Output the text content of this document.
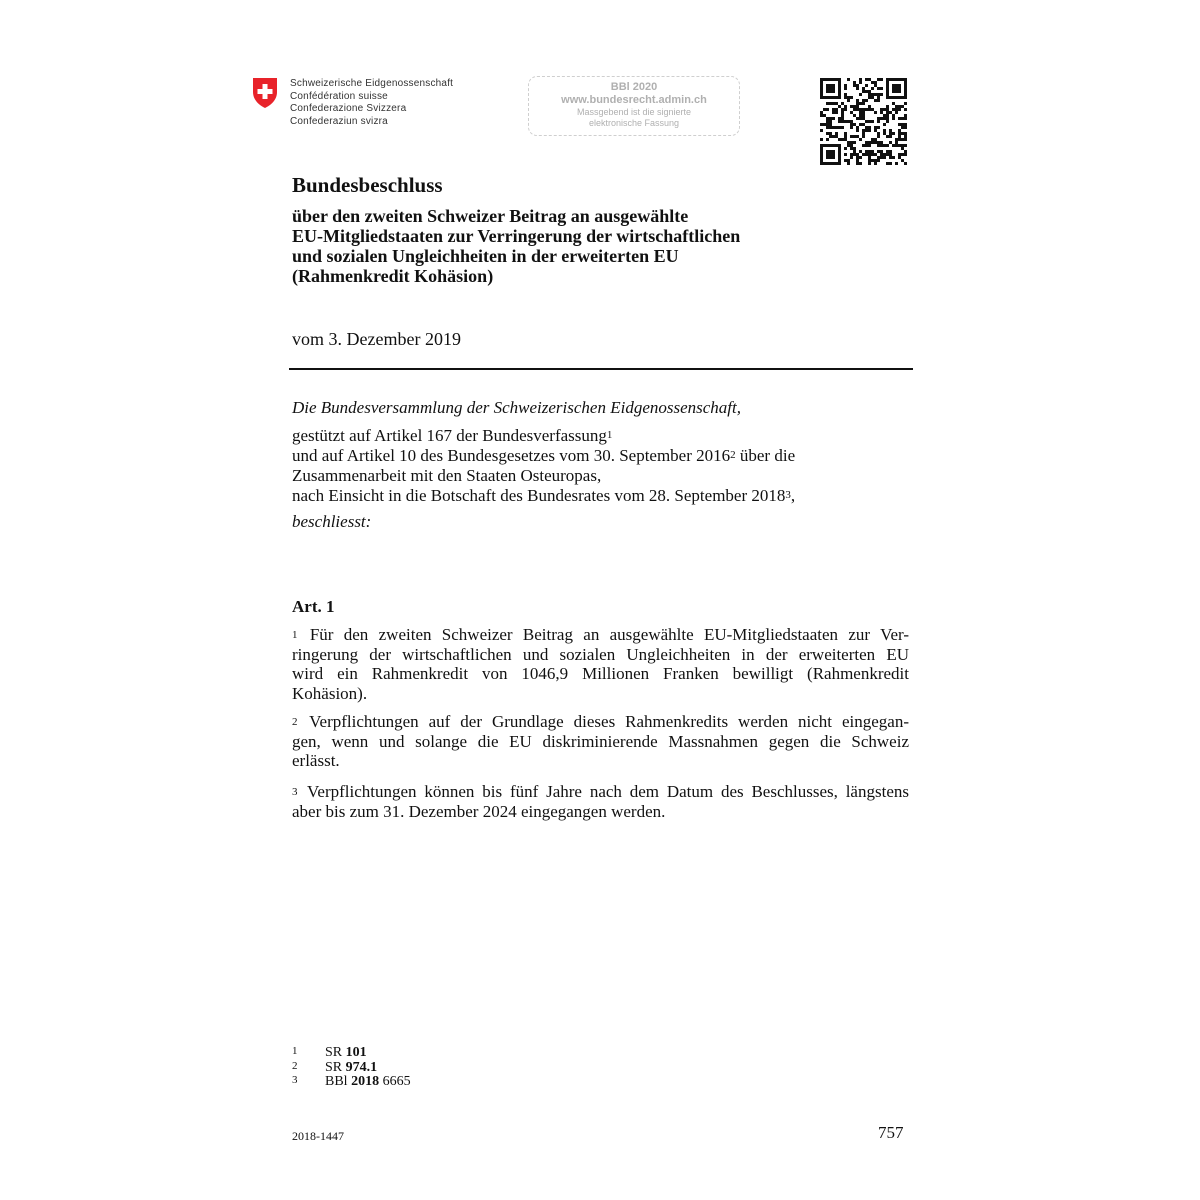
Schweizerische Eidgenossenschaft
Confédération suisse
Confederazione Svizzera
Confederaziun svizra
BBl 2020
www.bundesrecht.admin.ch
Massgebend ist die signierte
elektronische Fassung
Bundesbeschluss
über den zweiten Schweizer Beitrag an ausgewählte
EU-Mitgliedstaaten zur Verringerung der wirtschaftlichen
und sozialen Ungleichheiten in der erweiterten EU
(Rahmenkredit Kohäsion)
vom 3. Dezember 2019
Die Bundesversammlung der Schweizerischen Eidgenossenschaft,
gestützt auf Artikel 167 der Bundesverfassung$^1$
und auf Artikel 10 des Bundesgesetzes vom 30. September 2016$^2$ über die
Zusammenarbeit mit den Staaten Osteuropas,
nach Einsicht in die Botschaft des Bundesrates vom 28. September 2018$^3$,
beschliesst:
Art. 1
$^1$ Für den zweiten Schweizer Beitrag an ausgewählte EU-Mitgliedstaaten zur Ver-
ringerung der wirtschaftlichen und sozialen Ungleichheiten in der erweiterten EU
wird ein Rahmenkredit von 1046,9 Millionen Franken bewilligt (Rahmenkredit
Kohäsion).
$^2$ Verpflichtungen auf der Grundlage dieses Rahmenkredits werden nicht eingegan-
gen, wenn und solange die EU diskriminierende Massnahmen gegen die Schweiz
erlässt.
$^3$ Verpflichtungen können bis fünf Jahre nach dem Datum des Beschlusses, längstens
aber bis zum 31. Dezember 2024 eingegangen werden.
1	SR 101
2	SR 974.1
3	BBl 2018 6665
2018-1447	757
